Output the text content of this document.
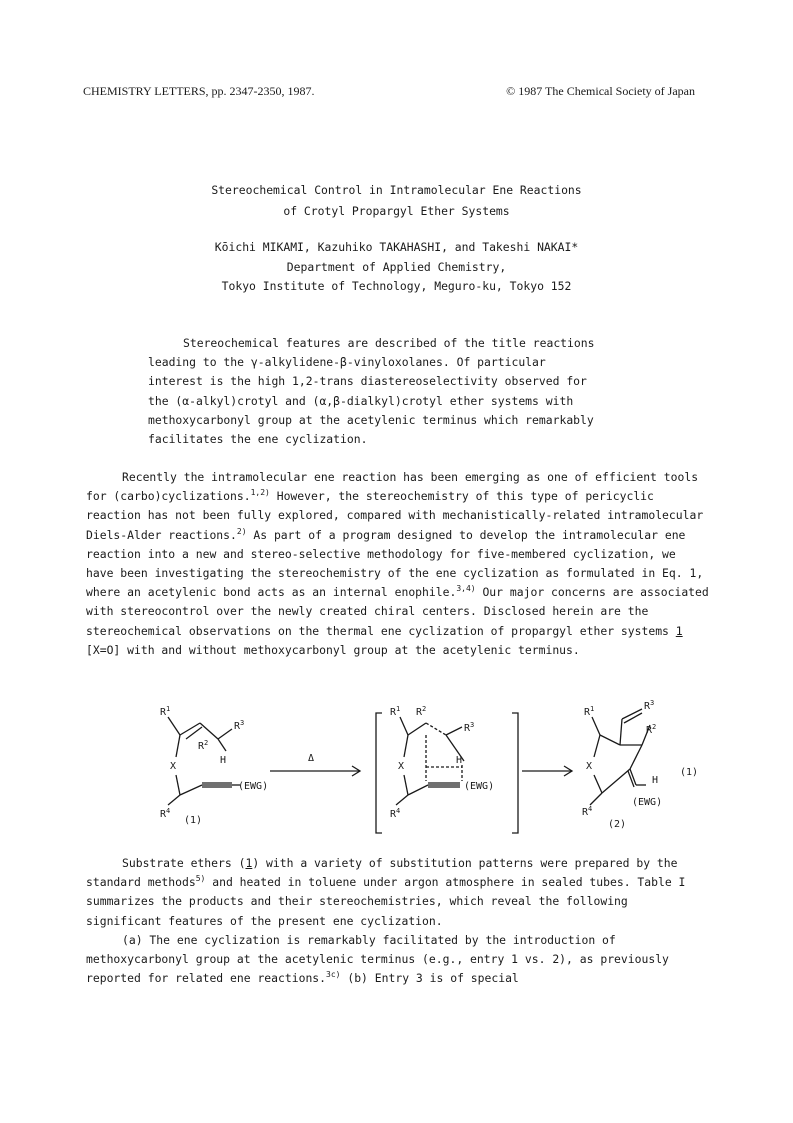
CHEMISTRY LETTERS, pp. 2347-2350, 1987.	© 1987 The Chemical Society of Japan
Stereochemical Control in Intramolecular Ene Reactions
of Crotyl Propargyl Ether Systems
Kōichi MIKAMI, Kazuhiko TAKAHASHI, and Takeshi NAKAI*
Department of Applied Chemistry,
Tokyo Institute of Technology, Meguro-ku, Tokyo 152

Stereochemical features are described of the title reactions
leading to the γ-alkylidene-β-vinyloxolanes. Of particular
interest is the high 1,2-trans diastereoselectivity observed for
the (α-alkyl)crotyl and (α,β-dialkyl)crotyl ether systems with
methoxycarbonyl group at the acetylenic terminus which remarkably
facilitates the ene cyclization.

Recently the intramolecular ene reaction has been emerging as one of efficient tools for (carbo)cyclizations.$^{1,2)}$ However, the stereochemistry of this type of pericyclic reaction has not been fully explored, compared with mechanistically-related intramolecular Diels-Alder reactions.$^{2)}$ As part of a program designed to develop the intramolecular ene reaction into a new and stereo-selective methodology for five-membered cyclization, we have been investigating the stereochemistry of the ene cyclization as formulated in Eq. 1, where an acetylenic bond acts as an internal enophile.$^{3,4)}$ Our major concerns are associated with stereocontrol over the newly created chiral centers. Disclosed herein are the stereochemical observations on the thermal ene cyclization of propargyl ether systems 1 [X=O] with and without methoxycarbonyl group at the acetylenic terminus.

$R^1$
$R^2$
$R^3$
H
X
$R^4$
(EWG)
(1)
Δ
$R^1$ $R^2$
$R^3$
H
X
$R^4$
(EWG)
$R^1$	$R^3$
$R^2$
H
X
$R^4$
(EWG)
(2)
(1)

Substrate ethers (1) with a variety of substitution patterns were prepared by the standard methods$^{5)}$ and heated in toluene under argon atmosphere in sealed tubes. Table I summarizes the products and their stereochemistries, which reveal the following significant features of the present ene cyclization.

(a) The ene cyclization is remarkably facilitated by the introduction of methoxycarbonyl group at the acetylenic terminus (e.g., entry 1 vs. 2), as previously reported for related ene reactions.$^{3c)}$ (b) Entry 3 is of special
